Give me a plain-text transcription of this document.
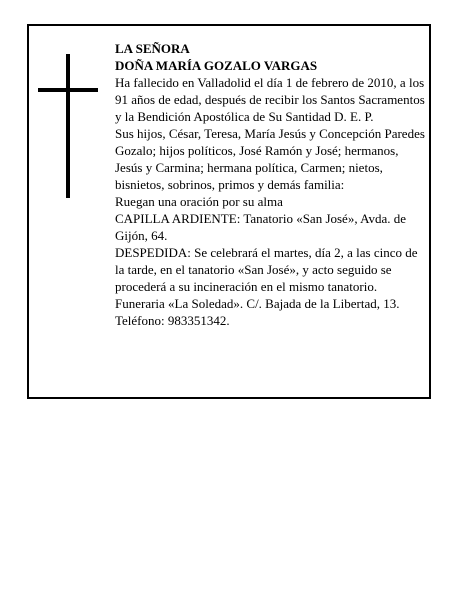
LA SEÑORA

DOÑA MARÍA GOZALO VARGAS

Ha fallecido en Valladolid el día 1 de febrero de 2010, a los 91 años de edad, después de recibir los Santos Sacramentos y la Bendición Apostólica de Su Santidad D. E. P.

Sus hijos, César, Teresa, María Jesús y Concepción Paredes Gozalo; hijos políticos, José Ramón y José; hermanos, Jesús y Carmina; hermana política, Carmen; nietos, bisnietos, sobrinos, primos y demás familia:

Ruegan una oración por su alma

CAPILLA ARDIENTE: Tanatorio «San José», Avda. de Gijón, 64.

DESPEDIDA: Se celebrará el martes, día 2, a las cinco de la tarde, en el tanatorio «San José», y acto seguido se procederá a su incineración en el mismo tanatorio.

Funeraria «La Soledad». C/. Bajada de la Libertad, 13. Teléfono: 983351342.
